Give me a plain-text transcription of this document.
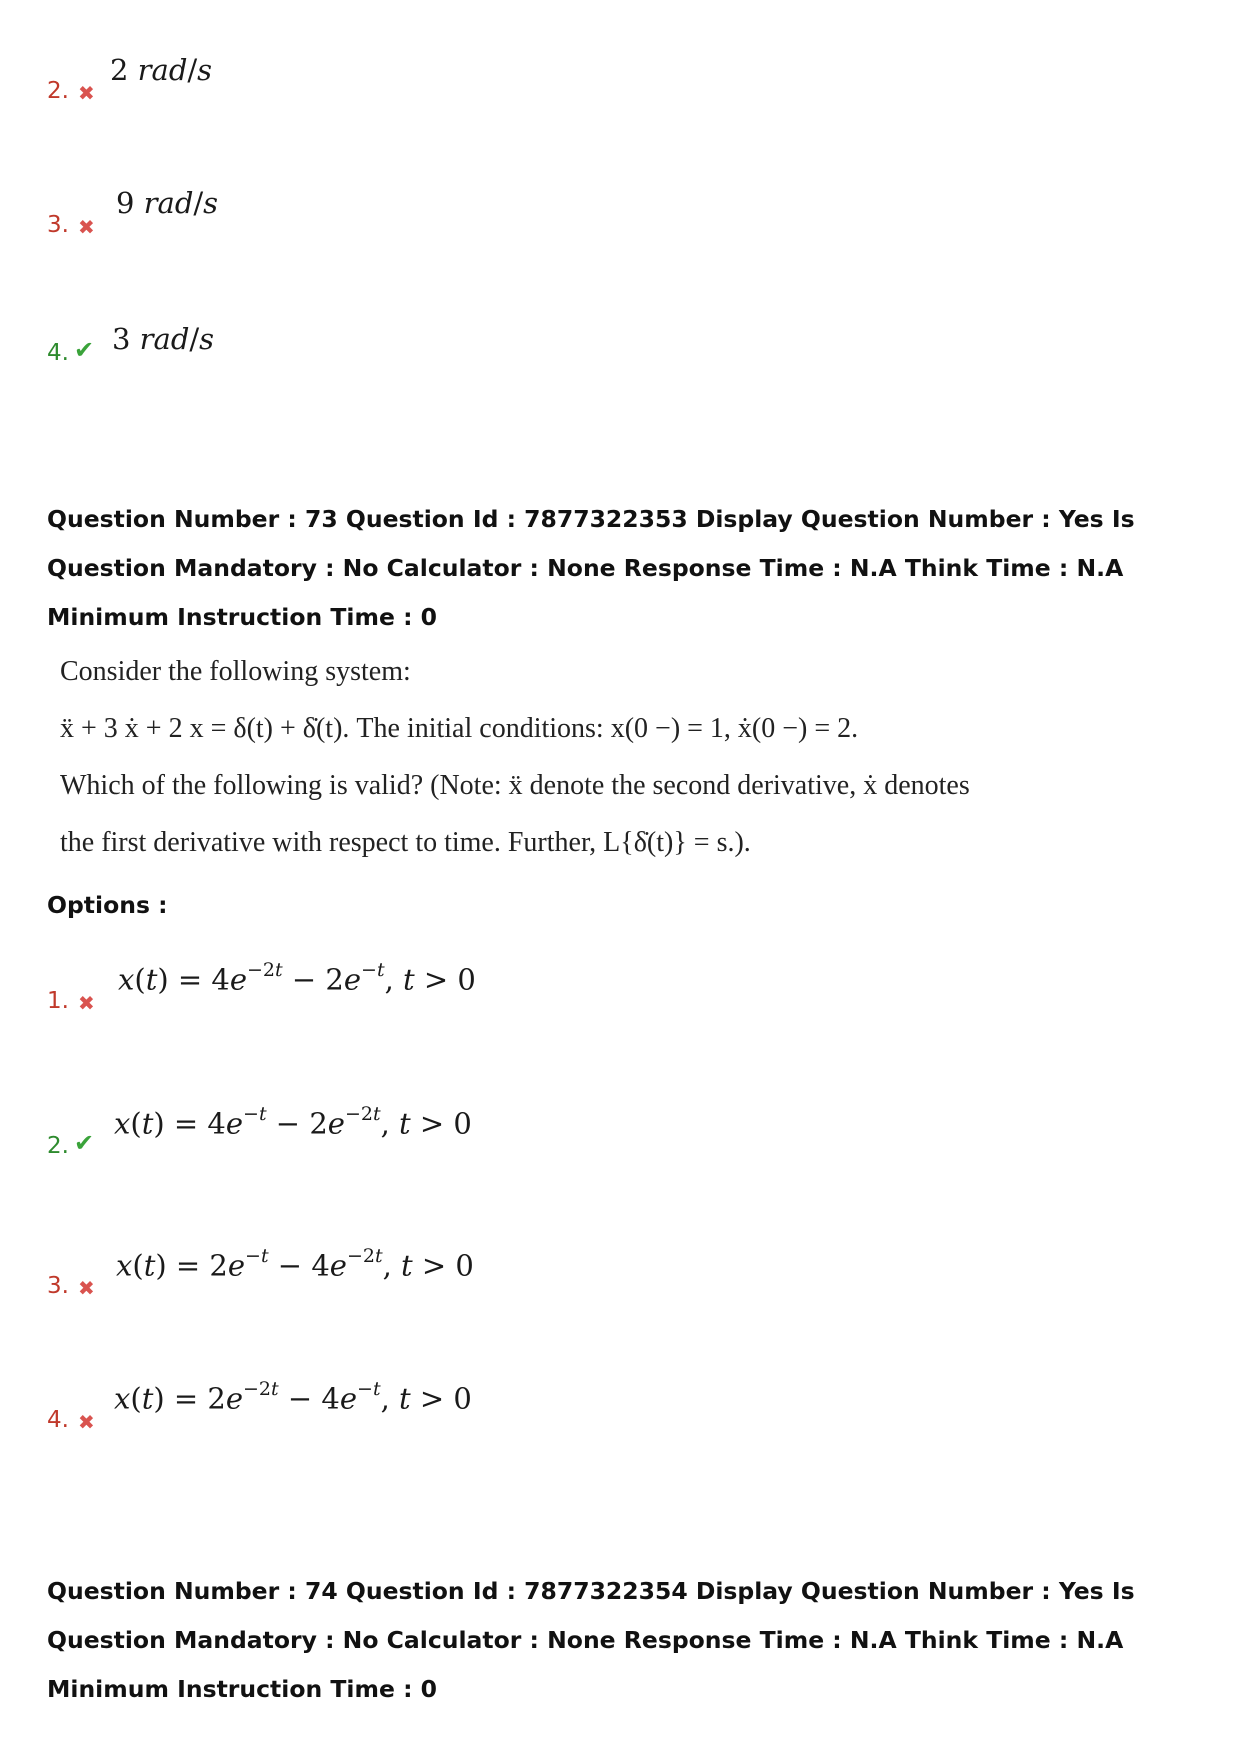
2. ✖
2 rad/s
3. ✖
9 rad/s
4. ✔ 3 rad/s
Question Number : 73 Question Id : 7877322353 Display Question Number : Yes Is Question Mandatory : No Calculator : None Response Time : N.A Think Time : N.A Minimum Instruction Time : 0
Consider the following system:
ẍ + 3 ẋ + 2 x = δ(t) + δ̇(t). The initial conditions: x(0 −) = 1, ẋ(0 −) = 2.
Which of the following is valid? (Note: ẍ denote the second derivative, ẋ denotes
the first derivative with respect to time. Further, L{δ̇(t)} = s.).
Options :
1. ✖
$x(t) = 4e^{-2t} - 2e^{-t}$, t > 0
2. ✔
$x(t) = 4e^{-t} - 2e^{-2t}$, t > 0
3. ✖
$x(t) = 2e^{-t} - 4e^{-2t}$, t > 0
4. ✖
$x(t) = 2e^{-2t} - 4e^{-t}$, t > 0
Question Number : 74 Question Id : 7877322354 Display Question Number : Yes Is Question Mandatory : No Calculator : None Response Time : N.A Think Time : N.A Minimum Instruction Time : 0
